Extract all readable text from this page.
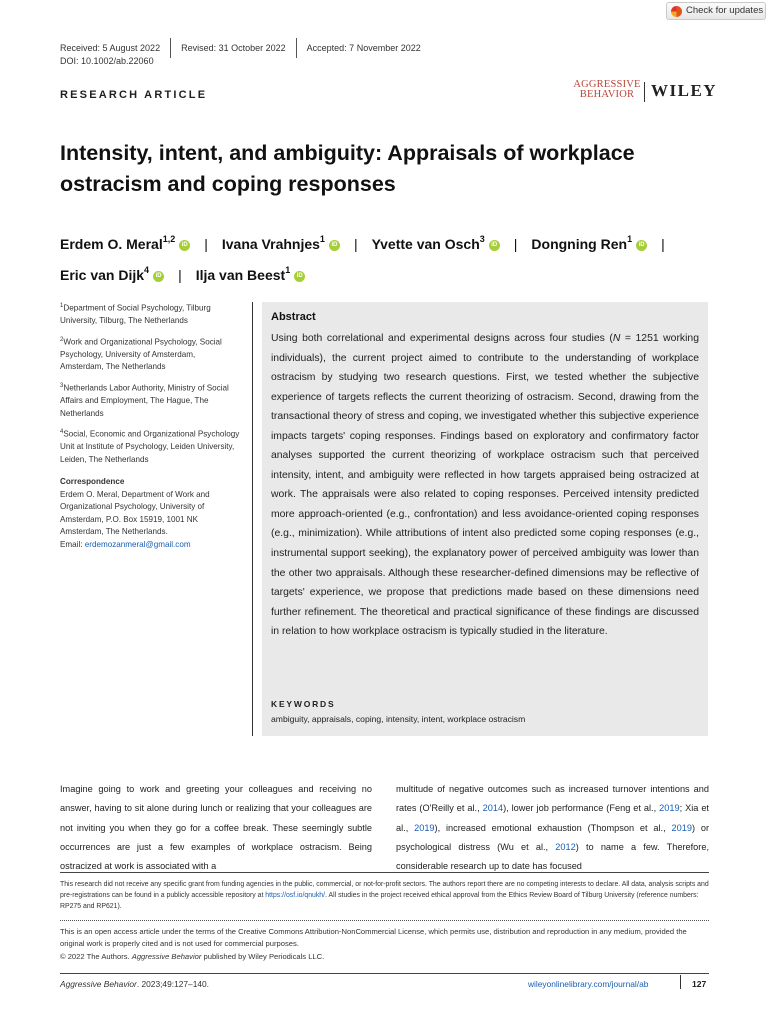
Check for updates
Received: 5 August 2022 Revised: 31 October 2022 Accepted: 7 November 2022
DOI: 10.1002/ab.22060
RESEARCH ARTICLE
AGGRESSIVE
BEHAVIOR WILEY
Intensity, intent, and ambiguity: Appraisals of workplace ostracism and coping responses
Erdem O. Meral$^{1,2}$iD | Ivana Vrahnjes$^1$iD | Yvette van Osch$^3$iD | Dongning Ren$^1$iD |
Eric van Dijk$^4$iD | Ilja van Beest$^1$iD
$^1$Department of Social Psychology, Tilburg University, Tilburg, The Netherlands
$^2$Work and Organizational Psychology, Social Psychology, University of Amsterdam, Amsterdam, The Netherlands
$^3$Netherlands Labor Authority, Ministry of Social Affairs and Employment, The Hague, The Netherlands
$^4$Social, Economic and Organizational Psychology Unit at Institute of Psychology, Leiden University, Leiden, The Netherlands
Correspondence
Erdem O. Meral, Department of Work and Organizational Psychology, University of Amsterdam, P.O. Box 15919, 1001 NK Amsterdam, The Netherlands.
Email: erdemozanmeral@gmail.com
Abstract
Using both correlational and experimental designs across four studies (N = 1251 working individuals), the current project aimed to contribute to the understanding of workplace ostracism by studying two research questions. First, we tested whether the subjective experience of targets reflects the current theorizing of ostracism. Second, drawing from the transactional theory of stress and coping, we investigated whether this subjective experience impacts targets' coping responses. Findings based on exploratory and confirmatory factor analyses supported the current theorizing of workplace ostracism such that perceived intensity, intent, and ambiguity were reflected in how targets appraised being ostracized at work. The appraisals were also related to coping responses. Perceived intensity predicted more approach-oriented (e.g., confrontation) and less avoidance-oriented coping responses (e.g., minimization). While attributions of intent also predicted some coping responses (e.g., instrumental support seeking), the explanatory power of perceived ambiguity was lower than the other two appraisals. Although these researcher-defined dimensions may be reflective of targets' experience, we propose that predictions made based on these dimensions need further refinement. The theoretical and practical significance of these findings are discussed in relation to how workplace ostracism is typically studied in the literature.
KEYWORDS
ambiguity, appraisals, coping, intensity, intent, workplace ostracism
Imagine going to work and greeting your colleagues and receiving no answer, having to sit alone during lunch or realizing that your colleagues are not inviting you when they go for a coffee break. These seemingly subtle occurrences are just a few examples of workplace ostracism. Being ostracized at work is associated with a
multitude of negative outcomes such as increased turnover intentions and rates (O'Reilly et al., 2014), lower job performance (Feng et al., 2019; Xia et al., 2019), increased emotional exhaustion (Thompson et al., 2019) or psychological distress (Wu et al., 2012) to name a few. Therefore, considerable research up to date has focused
This research did not receive any specific grant from funding agencies in the public, commercial, or not-for-profit sectors. The authors report there are no competing interests to declare. All data, analysis scripts and pre-registrations can be found in a publicly accessible repository at https://osf.io/qnukh/. All studies in the project received ethical approval from the Ethics Review Board of Tilburg University (reference numbers: RP275 and RP621).
This is an open access article under the terms of the Creative Commons Attribution-NonCommercial License, which permits use, distribution and reproduction in any medium, provided the original work is properly cited and is not used for commercial purposes.
© 2022 The Authors. Aggressive Behavior published by Wiley Periodicals LLC.
Aggressive Behavior. 2023;49:127–140.	wileyonlinelibrary.com/journal/ab	127
